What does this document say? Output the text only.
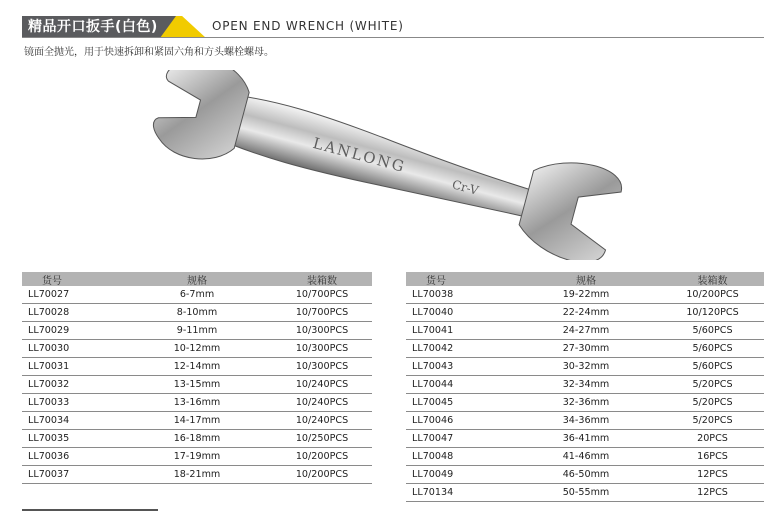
精品开口扳手(白色)	OPEN END WRENCH (WHITE)
镜面全抛光，用于快速拆卸和紧固六角和方头螺栓螺母。
LANLONG
Cr-V
货号	规格	装箱数
LL70027	6-7mm	10/700PCS
LL70028	8-10mm	10/700PCS
LL70029	9-11mm	10/300PCS
LL70030	10-12mm	10/300PCS
LL70031	12-14mm	10/300PCS
LL70032	13-15mm	10/240PCS
LL70033	13-16mm	10/240PCS
LL70034	14-17mm	10/240PCS
LL70035	16-18mm	10/250PCS
LL70036	17-19mm	10/200PCS
LL70037	18-21mm	10/200PCS
货号	规格	装箱数
LL70038	19-22mm	10/200PCS
LL70040	22-24mm	10/120PCS
LL70041	24-27mm	5/60PCS
LL70042	27-30mm	5/60PCS
LL70043	30-32mm	5/60PCS
LL70044	32-34mm	5/20PCS
LL70045	32-36mm	5/20PCS
LL70046	34-36mm	5/20PCS
LL70047	36-41mm	20PCS
LL70048	41-46mm	16PCS
LL70049	46-50mm	12PCS
LL70134	50-55mm	12PCS
